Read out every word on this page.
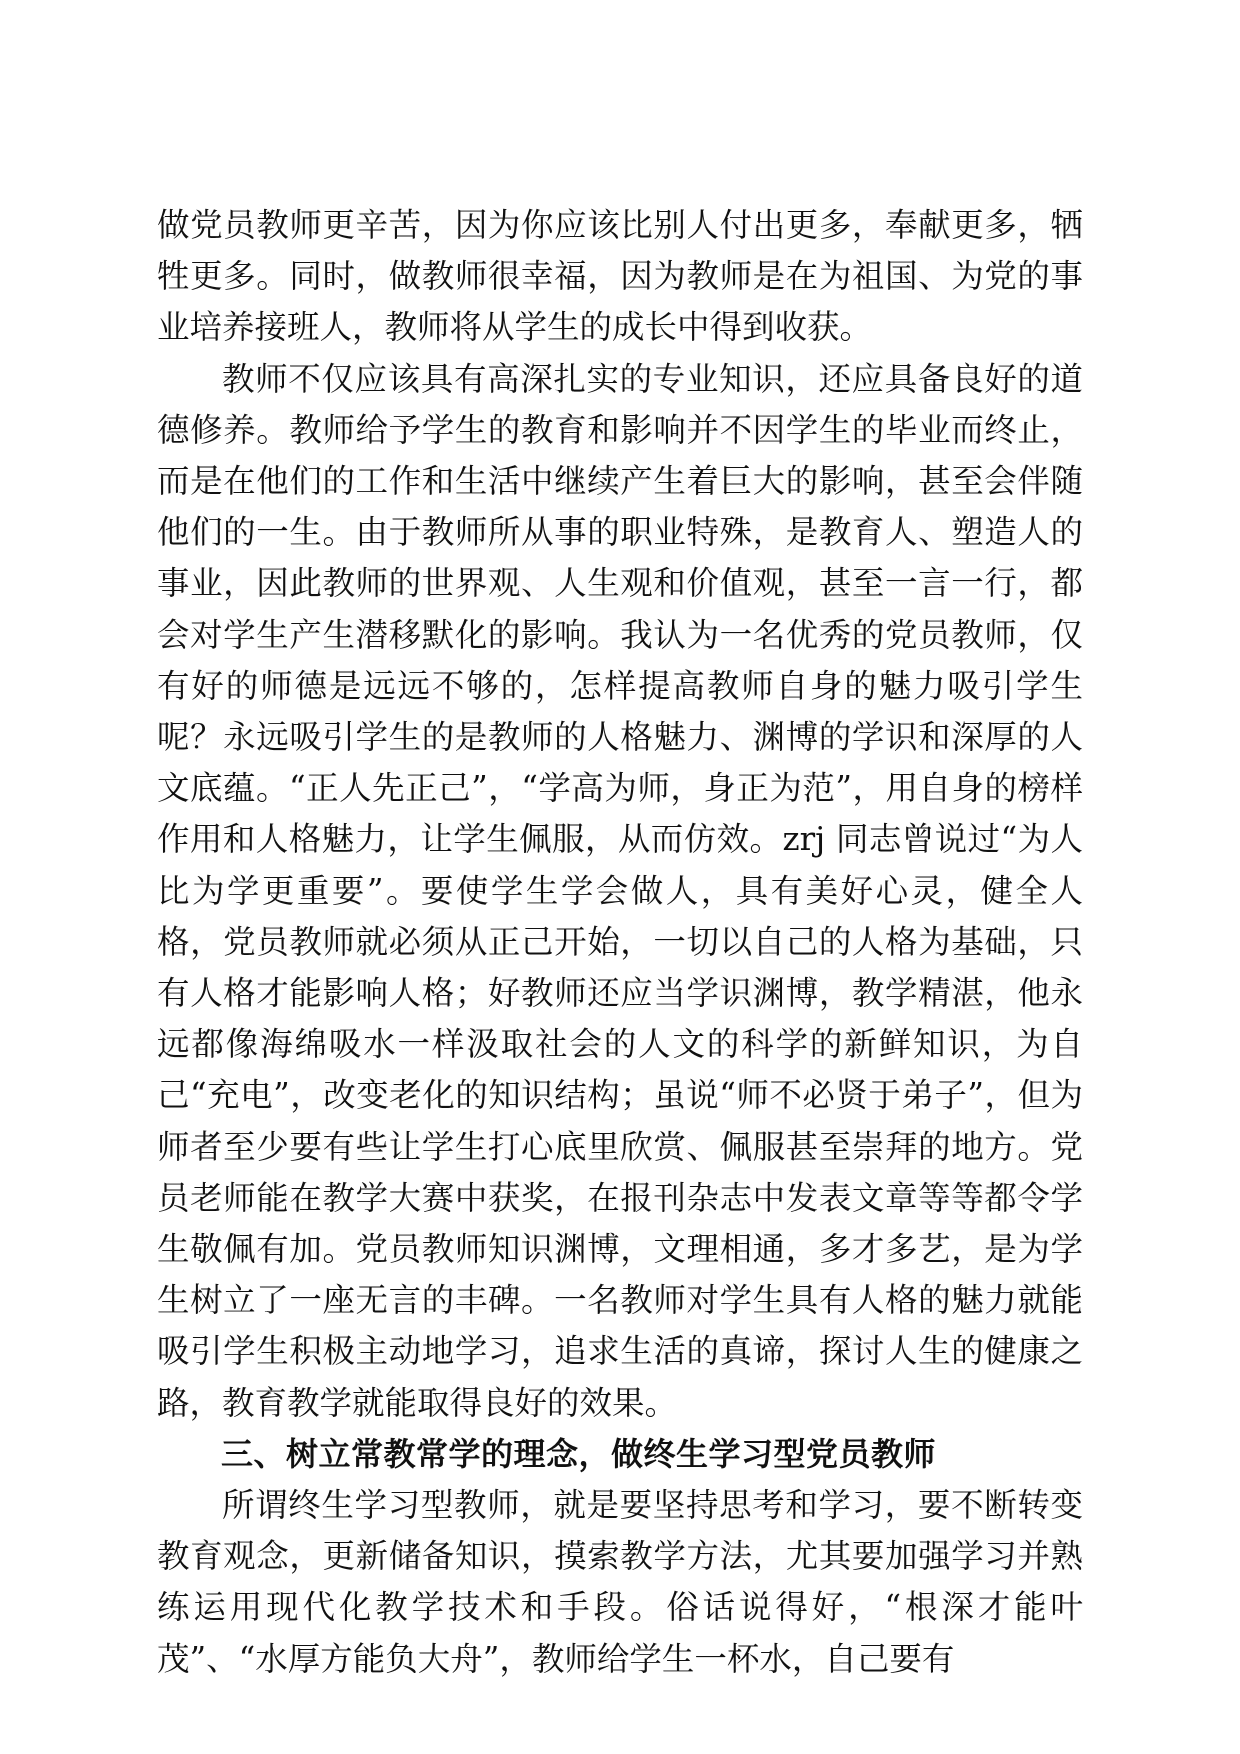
做党员教师更辛苦，因为你应该比别人付出更多，奉献更多，牺牲更多。同时，做教师很幸福，因为教师是在为祖国、为党的事业培养接班人，教师将从学生的成长中得到收获。

教师不仅应该具有高深扎实的专业知识，还应具备良好的道德修养。教师给予学生的教育和影响并不因学生的毕业而终止，而是在他们的工作和生活中继续产生着巨大的影响，甚至会伴随他们的一生。由于教师所从事的职业特殊，是教育人、塑造人的事业，因此教师的世界观、人生观和价值观，甚至一言一行，都会对学生产生潜移默化的影响。我认为一名优秀的党员教师，仅有好的师德是远远不够的，怎样提高教师自身的魅力吸引学生呢？永远吸引学生的是教师的人格魅力、渊博的学识和深厚的人文底蕴。“正人先正己”，“学高为师，身正为范”，用自身的榜样作用和人格魅力，让学生佩服，从而仿效。zrj 同志曾说过“为人比为学更重要”。要使学生学会做人，具有美好心灵，健全人格，党员教师就必须从正己开始，一切以自己的人格为基础，只有人格才能影响人格；好教师还应当学识渊博，教学精湛，他永远都像海绵吸水一样汲取社会的人文的科学的新鲜知识，为自己“充电”，改变老化的知识结构；虽说“师不必贤于弟子”，但为师者至少要有些让学生打心底里欣赏、佩服甚至崇拜的地方。党员老师能在教学大赛中获奖，在报刊杂志中发表文章等等都令学生敬佩有加。党员教师知识渊博，文理相通，多才多艺，是为学生树立了一座无言的丰碑。一名教师对学生具有人格的魅力就能吸引学生积极主动地学习，追求生活的真谛，探讨人生的健康之路，教育教学就能取得良好的效果。

三、树立常教常学的理念，做终生学习型党员教师

所谓终生学习型教师，就是要坚持思考和学习，要不断转变教育观念，更新储备知识，摸索教学方法，尤其要加强学习并熟练运用现代化教学技术和手段。俗话说得好，“根深才能叶茂”、“水厚方能负大舟”，教师给学生一杯水，自己要有
